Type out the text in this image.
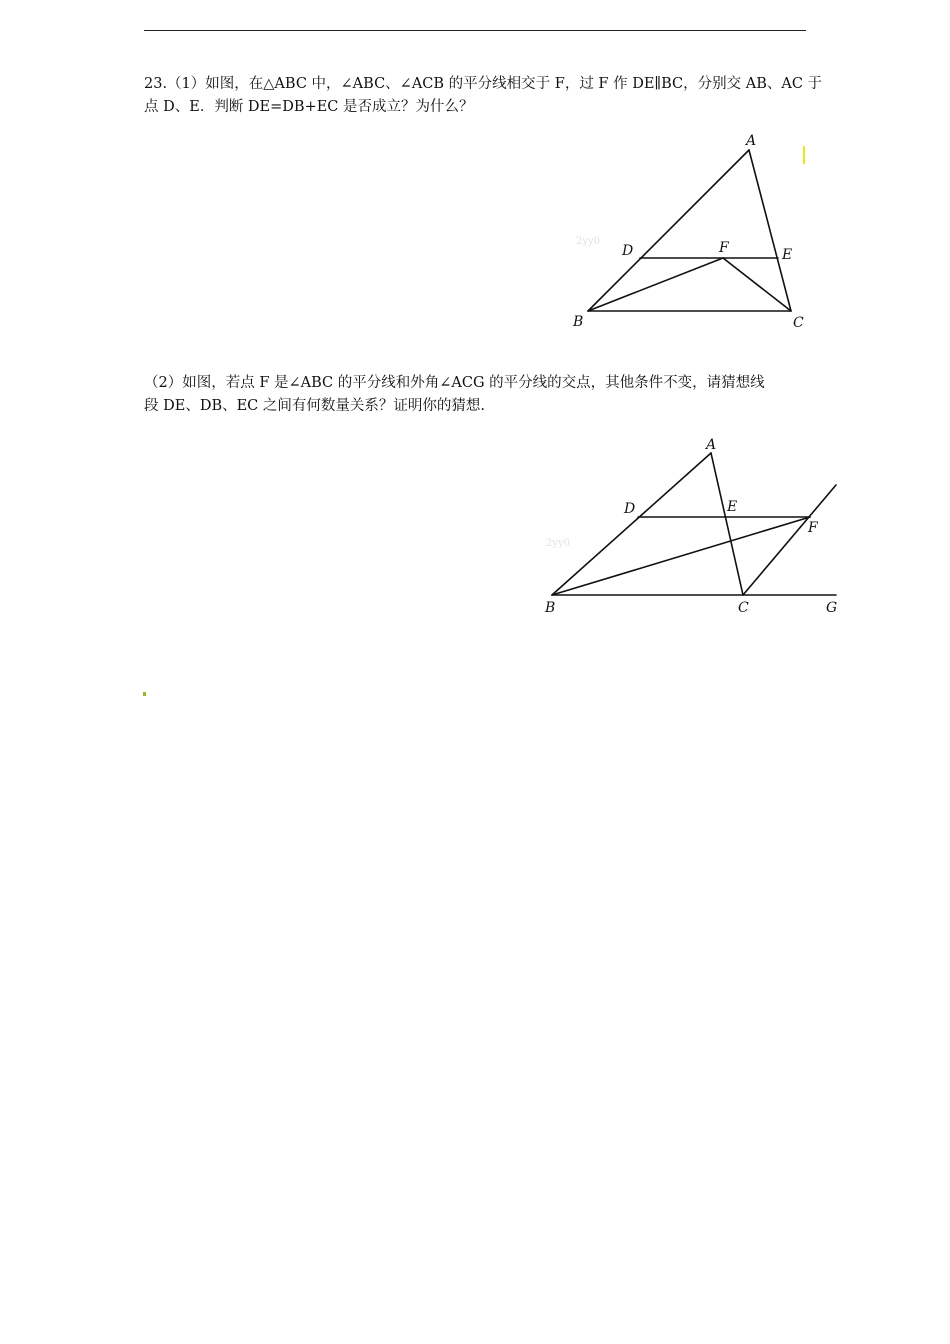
23.（1）如图，在△ABC 中，∠ABC、∠ACB 的平分线相交于 F，过 F 作 DE∥BC，分别交 AB、AC 于
点 D、E．判断 DE=DB+EC 是否成立？为什么？

2yy0
A
B	C
D	E
F

（2）如图，若点 F 是∠ABC 的平分线和外角∠ACG 的平分线的交点，其他条件不变，请猜想线
段 DE、DB、EC 之间有何数量关系？证明你的猜想.

2yy0
A
B	C
D	E
F
G
